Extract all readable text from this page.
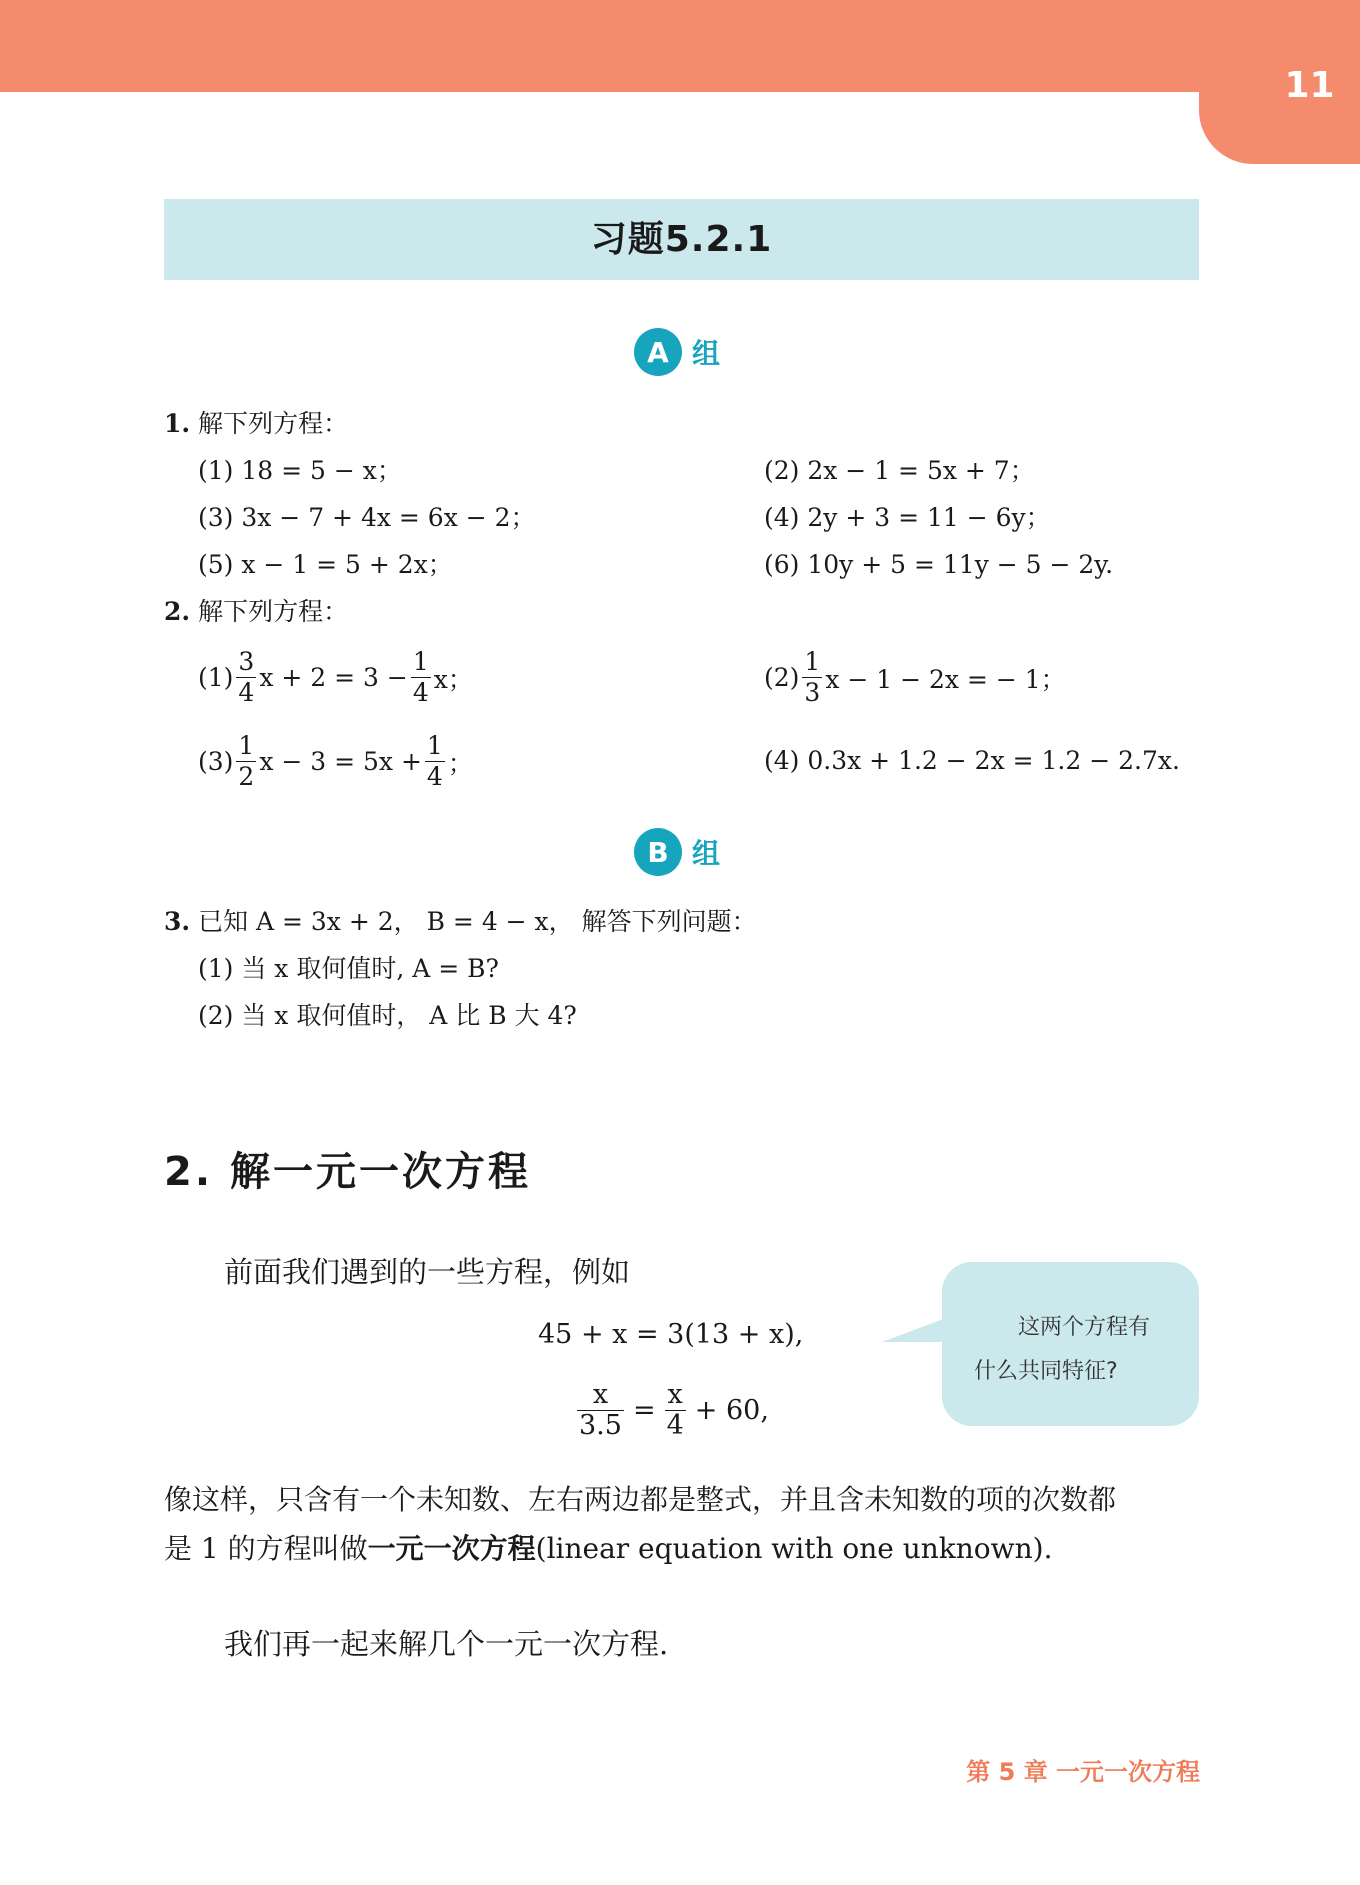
11
习题5.2.1
A 组
1. 解下列方程：
(1) 18 = 5 − x；	(2) 2x − 1 = 5x + 7；
(3) 3x − 7 + 4x = 6x − 2；	(4) 2y + 3 = 11 − 6y；
(5) x − 1 = 5 + 2x；	(6) 10y + 5 = 11y − 5 − 2y.
2. 解下列方程：
$(1) \frac{3}{4}$ $x + 2 = 3 - \frac{1}{4}$ x；	$(2) \frac{1}{3}$ x − 1 − 2x = − 1；
$(3) \frac{1}{2}$ $x - 3 = 5x + \frac{1}{4}$ ；	(4) 0.3x + 1.2 − 2x = 1.2 − 2.7x.
B 组
3. 已知 A = 3x + 2， B = 4 − x， 解答下列问题：
(1) 当 x 取何值时, A = B?
(2) 当 x 取何值时， A 比 B 大 4?
2. 解一元一次方程
前面我们遇到的一些方程，例如
45 + x = 3(13 + x),
$\frac{x}{3.5} = \frac{x}{4} + 60$,
这两个方程有
什么共同特征?
像这样，只含有一个未知数、左右两边都是整式，并且含未知数的项的次数都
是 1 的方程叫做一元一次方程(linear equation with one unknown).
我们再一起来解几个一元一次方程.
第 5 章 一元一次方程
